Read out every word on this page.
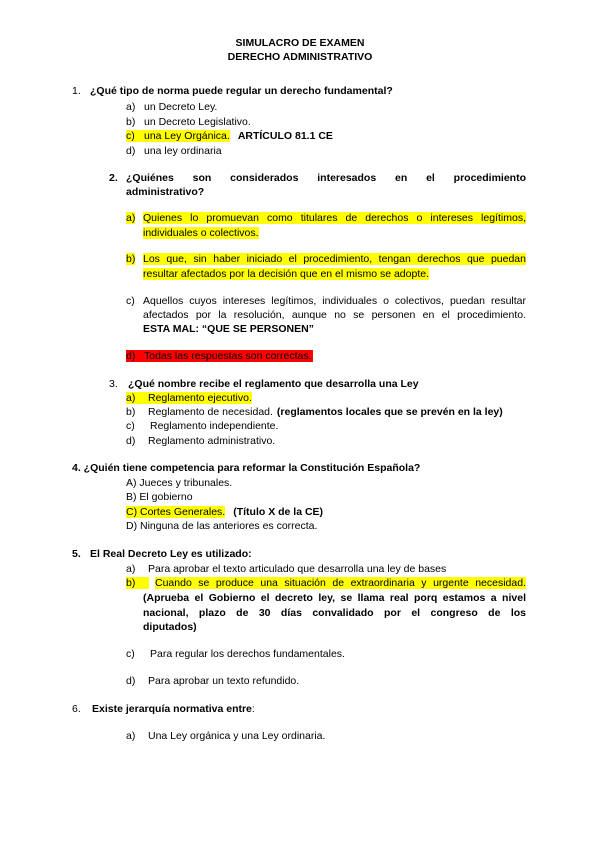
SIMULACRO DE EXAMEN
DERECHO ADMINISTRATIVO
1. ¿Qué tipo de norma puede regular un derecho fundamental?
a) un Decreto Ley.
b) un Decreto Legislativo.
c) una Ley Orgánica. ARTÍCULO 81.1 CE
d) una ley ordinaria
2. ¿Quiénes son considerados interesados en el procedimiento
administrativo?
a) Quienes lo promuevan como titulares de derechos o intereses legítimos,
individuales o colectivos.
b) Los que, sin haber iniciado el procedimiento, tengan derechos que puedan
resultar afectados por la decisión que en el mismo se adopte.
c) Aquellos cuyos intereses legítimos, individuales o colectivos, puedan resultar
afectados por la resolución, aunque no se personen en el procedimiento.
ESTA MAL: “QUE SE PERSONEN”
d) Todas las respuestas son correctas.
3. ¿Qué nombre recibe el reglamento que desarrolla una Ley
a) Reglamento ejecutivo.
b) Reglamento de necesidad. (reglamentos locales que se prevén en la ley)
c) Reglamento independiente.
d) Reglamento administrativo.
4. ¿Quién tiene competencia para reformar la Constitución Española?
A) Jueces y tribunales.
B) El gobierno
C) Cortes Generales. (Título X de la CE)
D) Ninguna de las anteriores es correcta.
5. El Real Decreto Ley es utilizado:
a) Para aprobar el texto articulado que desarrolla una ley de bases
b)	Cuando se produce una situación de extraordinaria y urgente necesidad.
(Aprueba el Gobierno el decreto ley, se llama real porq estamos a nivel
nacional, plazo de 30 días convalidado por el congreso de los
diputados)
c) Para regular los derechos fundamentales.
d) Para aprobar un texto refundido.
6. Existe jerarquía normativa entre:
a) Una Ley orgánica y una Ley ordinaria.
